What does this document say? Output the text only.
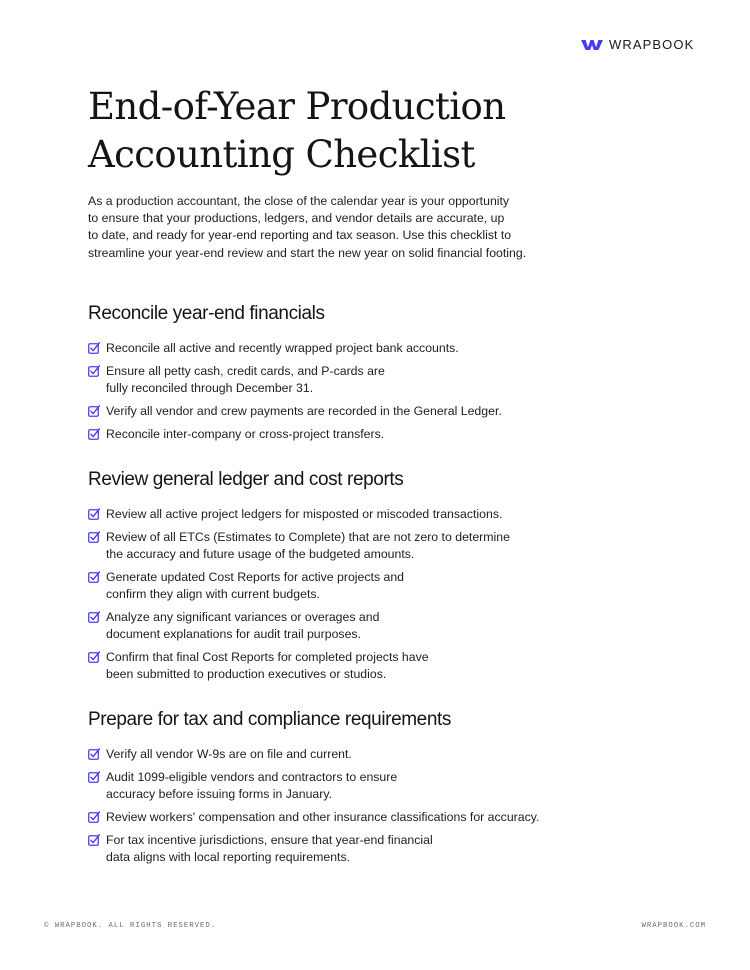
WRAPBOOK
End-of-Year Production
Accounting Checklist

As a production accountant, the close of the calendar year is your opportunity
to ensure that your productions, ledgers, and vendor details are accurate, up
to date, and ready for year-end reporting and tax season. Use this checklist to
streamline your year-end review and start the new year on solid financial footing.

Reconcile year-end financials
Reconcile all active and recently wrapped project bank accounts.
Ensure all petty cash, credit cards, and P-cards are
fully reconciled through December 31.
Verify all vendor and crew payments are recorded in the General Ledger.
Reconcile inter-company or cross-project transfers.
Review general ledger and cost reports
Review all active project ledgers for misposted or miscoded transactions.
Review of all ETCs (Estimates to Complete) that are not zero to determine
the accuracy and future usage of the budgeted amounts.
Generate updated Cost Reports for active projects and
confirm they align with current budgets.
Analyze any significant variances or overages and
document explanations for audit trail purposes.
Confirm that final Cost Reports for completed projects have
been submitted to production executives or studios.
Prepare for tax and compliance requirements
Verify all vendor W-9s are on file and current.
Audit 1099-eligible vendors and contractors to ensure
accuracy before issuing forms in January.
Review workers' compensation and other insurance classifications for accuracy.
For tax incentive jurisdictions, ensure that year-end financial
data aligns with local reporting requirements.
© WRAPBOOK. ALL RIGHTS RESERVED.	WRAPBOOK.COM
